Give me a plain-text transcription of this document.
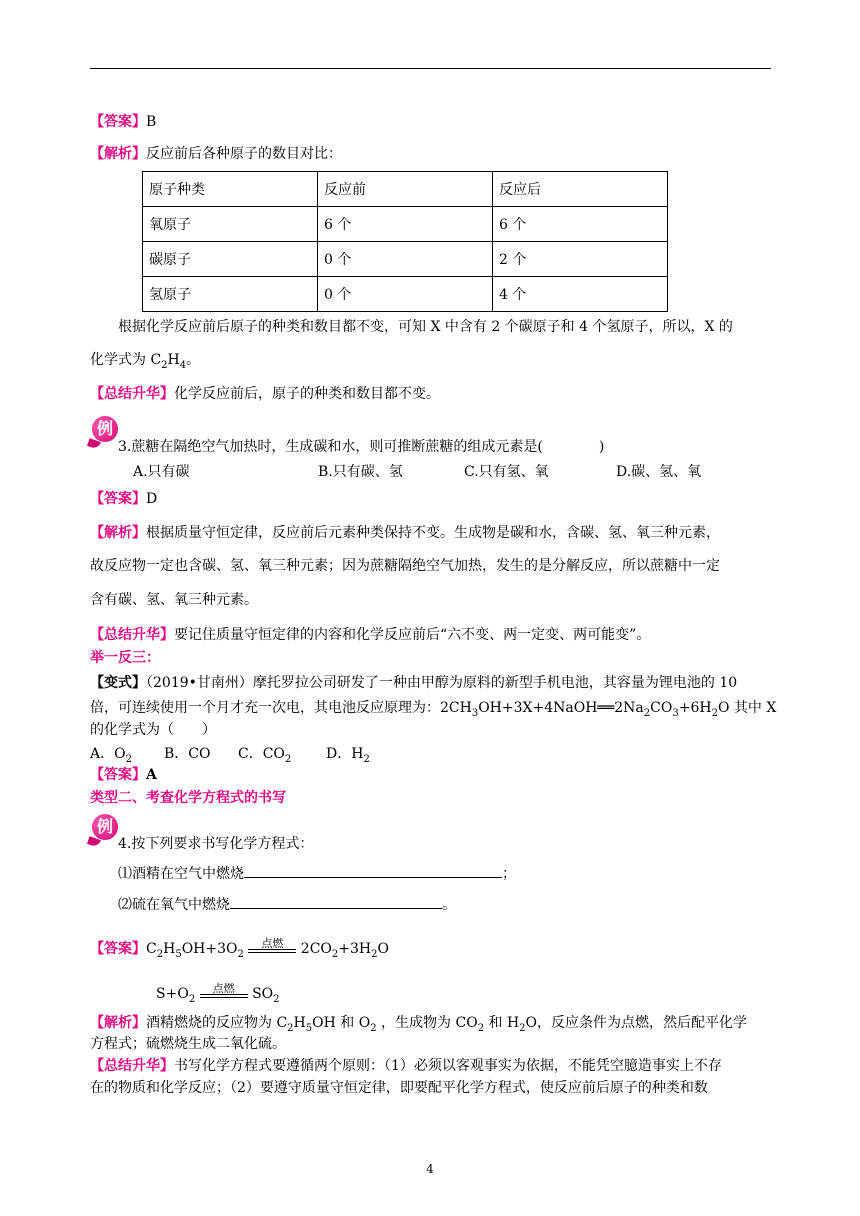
【答案】B
【解析】反应前后各种原子的数目对比：
原子种类	反应前	反应后
氧原子	6 个	6 个
碳原子	0 个	2 个
氢原子	0 个	4 个
根据化学反应前后原子的种类和数目都不变，可知 X 中含有 2 个碳原子和 4 个氢原子，所以，X 的
化学式为 $C_2H_4$。
【总结升华】化学反应前后，原子的种类和数目都不变。
例
3.蔗糖在隔绝空气加热时，生成碳和水，则可推断蔗糖的组成元素是(　　　　)
A.只有碳	B.只有碳、氢	C.只有氢、氧	D.碳、氢、氧
【答案】D
【解析】根据质量守恒定律，反应前后元素种类保持不变。生成物是碳和水，含碳、氢、氧三种元素，
故反应物一定也含碳、氢、氧三种元素；因为蔗糖隔绝空气加热，发生的是分解反应，所以蔗糖中一定
含有碳、氢、氧三种元素。
【总结升华】要记住质量守恒定律的内容和化学反应前后“六不变、两一定变、两可能变”。
举一反三：
【变式】（2019•甘南州）摩托罗拉公司研发了一种由甲醇为原料的新型手机电池，其容量为锂电池的 10
倍，可连续使用一个月才充一次电，其电池反应原理为：$2CH_3OH+3X+4NaOH══2Na_2CO_3+6H_2O$ 其中 X
的化学式为（　　）
A．$O_2$ B．CO C．$CO_2$ D．$H_2$
【答案】A
类型二、考查化学方程式的书写
例
4.按下列要求书写化学方程式：
⑴酒精在空气中燃烧	；
⑵硫在氧气中燃烧	。
【答案】$C_2H_5OH+3O_2$
点燃	$2CO_2+3H_2O$
$S+O_2$
点燃	$SO_2$
【解析】酒精燃烧的反应物为 $C_2H_5OH$ 和 $O_2$ ，生成物为 $CO_2$ 和 $H_2O$，反应条件为点燃，然后配平化学
方程式；硫燃烧生成二氧化硫。
【总结升华】书写化学方程式要遵循两个原则：（1）必须以客观事实为依据，不能凭空臆造事实上不存
在的物质和化学反应；（2）要遵守质量守恒定律，即要配平化学方程式，使反应前后原子的种类和数
4
